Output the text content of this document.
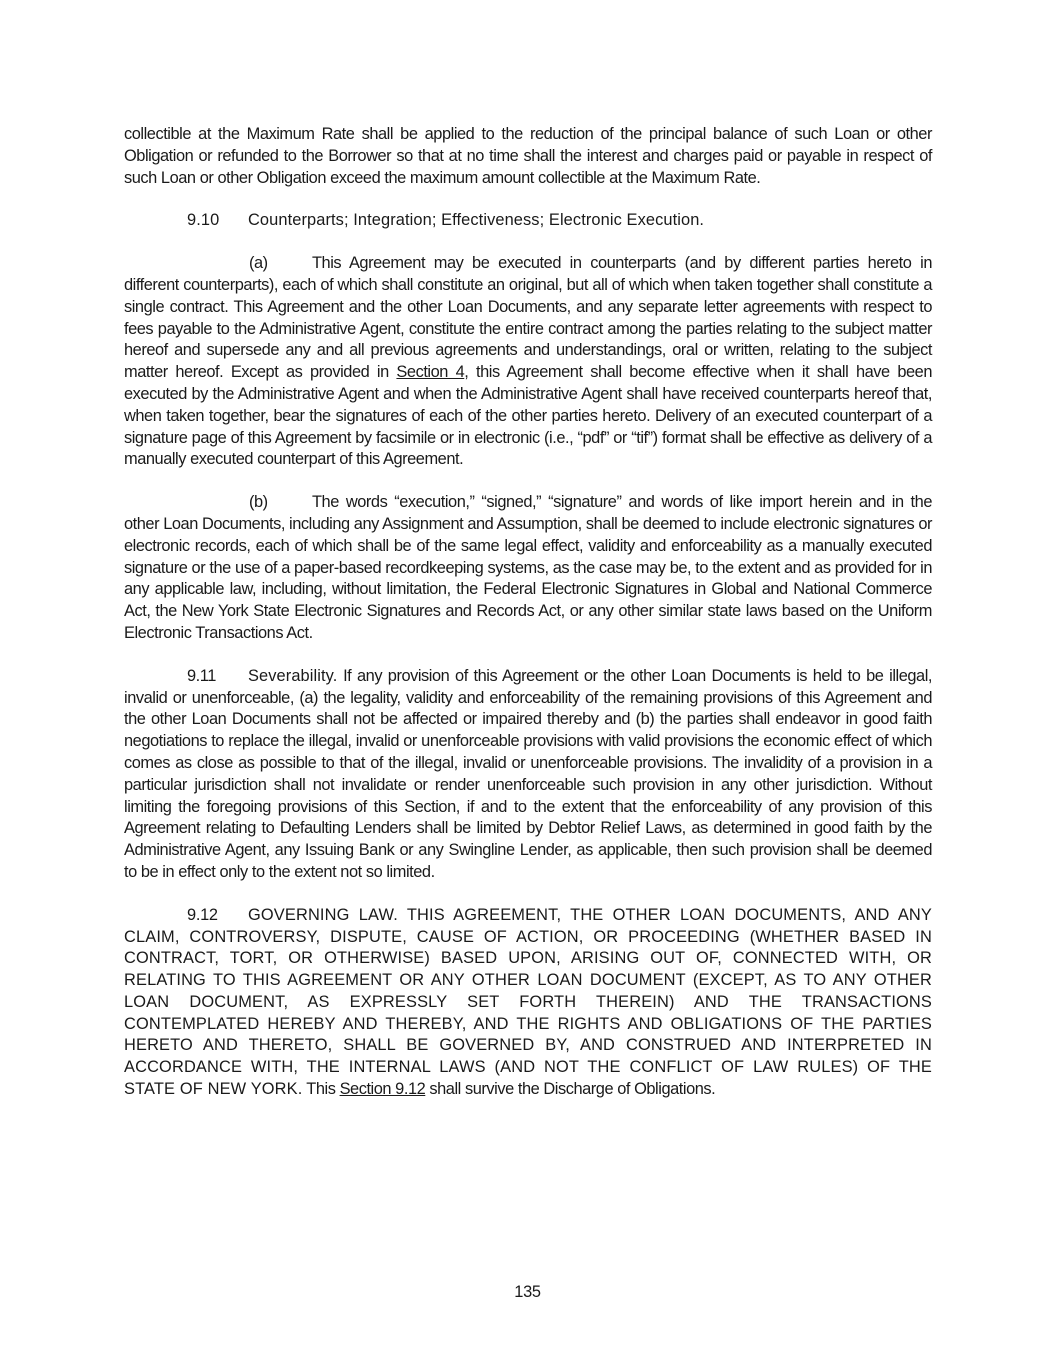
collectible at the Maximum Rate shall be applied to the reduction of the principal balance of such Loan or other Obligation or refunded to the Borrower so that at no time shall the interest and charges paid or payable in respect of such Loan or other Obligation exceed the maximum amount collectible at the Maximum Rate.

9.10 Counterparts; Integration; Effectiveness; Electronic Execution.

(a)	This Agreement may be executed in counterparts (and by different parties hereto in different counterparts), each of which shall constitute an original, but all of which when taken together shall constitute a single contract. This Agreement and the other Loan Documents, and any separate letter agreements with respect to fees payable to the Administrative Agent, constitute the entire contract among the parties relating to the subject matter hereof and supersede any and all previous agreements and understandings, oral or written, relating to the subject matter hereof. Except as provided in Section 4, this Agreement shall become effective when it shall have been executed by the Administrative Agent and when the Administrative Agent shall have received counterparts hereof that, when taken together, bear the signatures of each of the other parties hereto. Delivery of an executed counterpart of a signature page of this Agreement by facsimile or in electronic (i.e., “pdf” or “tif”) format shall be effective as delivery of a manually executed counterpart of this Agreement.

(b)	The words “execution,” “signed,” “signature” and words of like import herein and in the other Loan Documents, including any Assignment and Assumption, shall be deemed to include electronic signatures or electronic records, each of which shall be of the same legal effect, validity and enforceability as a manually executed signature or the use of a paper-based recordkeeping systems, as the case may be, to the extent and as provided for in any applicable law, including, without limitation, the Federal Electronic Signatures in Global and National Commerce Act, the New York State Electronic Signatures and Records Act, or any other similar state laws based on the Uniform Electronic Transactions Act.

9.11 Severability. If any provision of this Agreement or the other Loan Documents is held to be illegal, invalid or unenforceable, (a) the legality, validity and enforceability of the remaining provisions of this Agreement and the other Loan Documents shall not be affected or impaired thereby and (b) the parties shall endeavor in good faith negotiations to replace the illegal, invalid or unenforceable provisions with valid provisions the economic effect of which comes as close as possible to that of the illegal, invalid or unenforceable provisions. The invalidity of a provision in a particular jurisdiction shall not invalidate or render unenforceable such provision in any other jurisdiction. Without limiting the foregoing provisions of this Section, if and to the extent that the enforceability of any provision of this Agreement relating to Defaulting Lenders shall be limited by Debtor Relief Laws, as determined in good faith by the Administrative Agent, any Issuing Bank or any Swingline Lender, as applicable, then such provision shall be deemed to be in effect only to the extent not so limited.

9.12 GOVERNING LAW. THIS AGREEMENT, THE OTHER LOAN DOCUMENTS, AND ANY CLAIM, CONTROVERSY, DISPUTE, CAUSE OF ACTION, OR PROCEEDING (WHETHER BASED IN CONTRACT, TORT, OR OTHERWISE) BASED UPON, ARISING OUT OF, CONNECTED WITH, OR RELATING TO THIS AGREEMENT OR ANY OTHER LOAN DOCUMENT (EXCEPT, AS TO ANY OTHER LOAN DOCUMENT, AS EXPRESSLY SET FORTH THEREIN) AND THE TRANSACTIONS CONTEMPLATED HEREBY AND THEREBY, AND THE RIGHTS AND OBLIGATIONS OF THE PARTIES HERETO AND THERETO, SHALL BE GOVERNED BY, AND CONSTRUED AND INTERPRETED IN ACCORDANCE WITH, THE INTERNAL LAWS (AND NOT THE CONFLICT OF LAW RULES) OF THE STATE OF NEW YORK. This Section 9.12 shall survive the Discharge of Obligations.

135
